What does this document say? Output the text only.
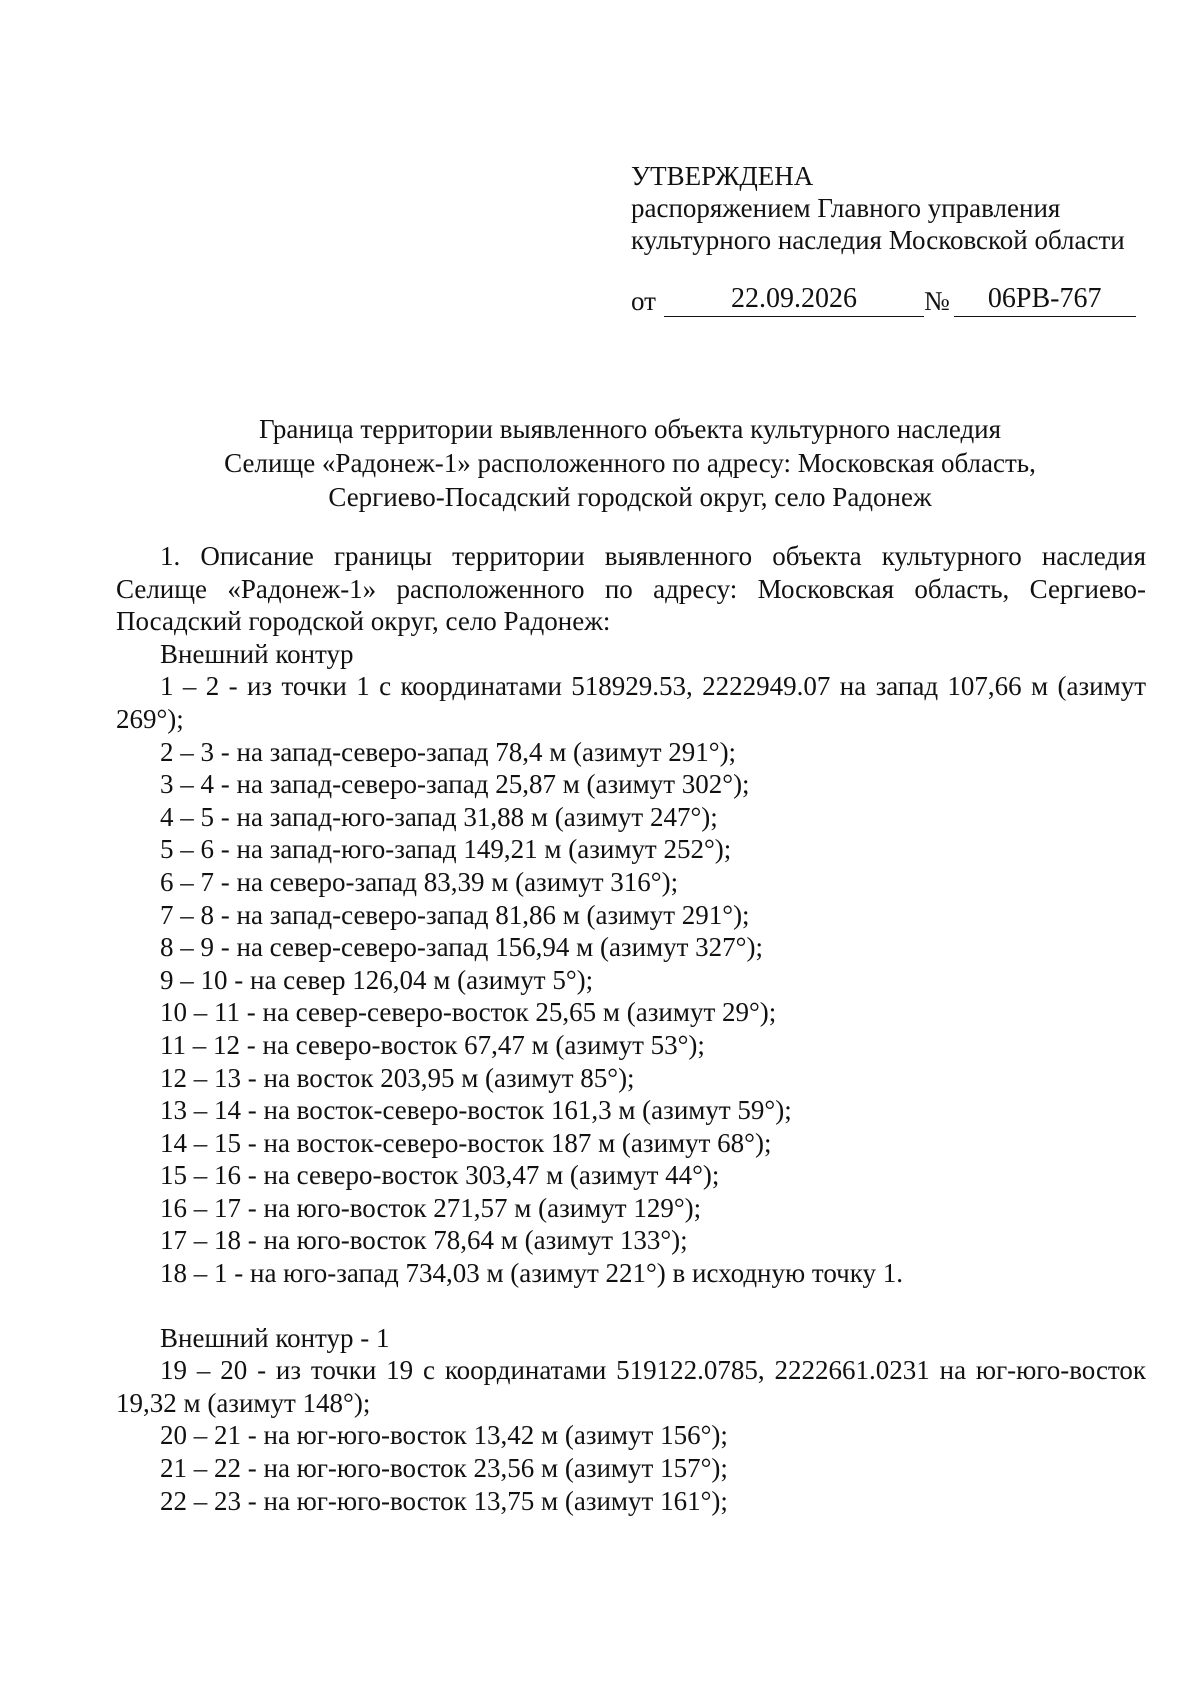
УТВЕРЖДЕНА
распоряжением Главного управления
культурного наследия Московской области
от	22.09.2026	№	06РВ-767
Граница территории выявленного объекта культурного наследия
Селище «Радонеж-1» расположенного по адресу: Московская область,
Сергиево-Посадский городской округ, село Радонеж

1. Описание границы территории выявленного объекта культурного наследия Селище «Радонеж-1» расположенного по адресу: Московская область, Сергиево-Посадский городской округ, село Радонеж:

Внешний контур

1 – 2 - из точки 1 с координатами 518929.53, 2222949.07 на запад 107,66 м (азимут 269°);

2 – 3 - на запад-северо-запад 78,4 м (азимут 291°);
3 – 4 - на запад-северо-запад 25,87 м (азимут 302°);
4 – 5 - на запад-юго-запад 31,88 м (азимут 247°);
5 – 6 - на запад-юго-запад 149,21 м (азимут 252°);
6 – 7 - на северо-запад 83,39 м (азимут 316°);
7 – 8 - на запад-северо-запад 81,86 м (азимут 291°);
8 – 9 - на север-северо-запад 156,94 м (азимут 327°);
9 – 10 - на север 126,04 м (азимут 5°);
10 – 11 - на север-северо-восток 25,65 м (азимут 29°);
11 – 12 - на северо-восток 67,47 м (азимут 53°);
12 – 13 - на восток 203,95 м (азимут 85°);
13 – 14 - на восток-северо-восток 161,3 м (азимут 59°);
14 – 15 - на восток-северо-восток 187 м (азимут 68°);
15 – 16 - на северо-восток 303,47 м (азимут 44°);
16 – 17 - на юго-восток 271,57 м (азимут 129°);
17 – 18 - на юго-восток 78,64 м (азимут 133°);
18 – 1 - на юго-запад 734,03 м (азимут 221°) в исходную точку 1.
Внешний контур - 1

19 – 20 - из точки 19 с координатами 519122.0785, 2222661.0231 на юг-юго-восток 19,32 м (азимут 148°);

20 – 21 - на юг-юго-восток 13,42 м (азимут 156°);
21 – 22 - на юг-юго-восток 23,56 м (азимут 157°);
22 – 23 - на юг-юго-восток 13,75 м (азимут 161°);
